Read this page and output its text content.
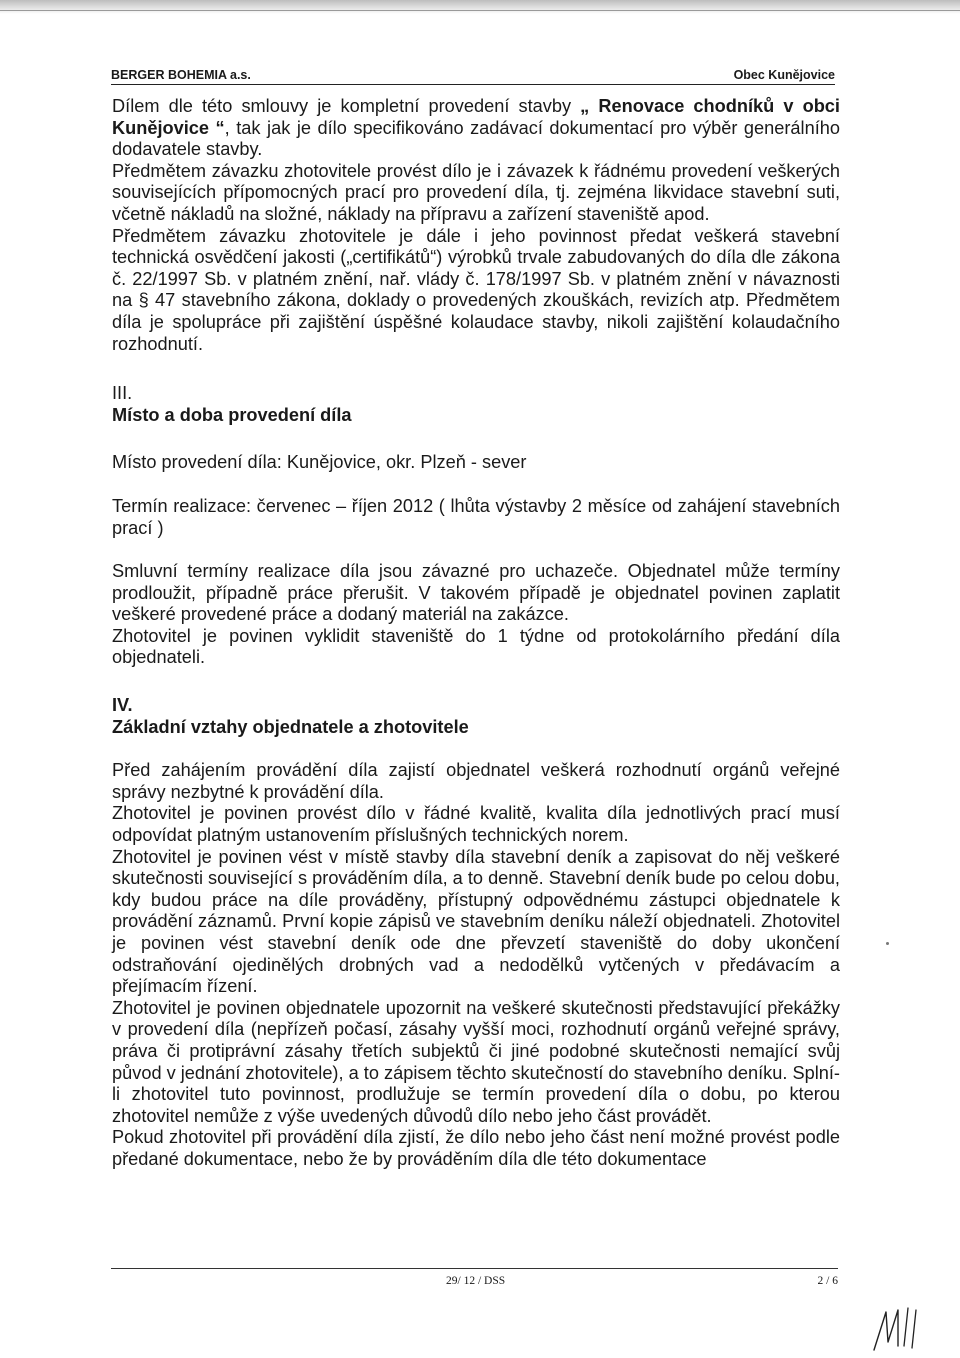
BERGER BOHEMIA a.s.	Obec Kunějovice

Dílem dle této smlouvy je kompletní provedení stavby „ Renovace chodníků v obci Kunějovice “, tak jak je dílo specifikováno zadávací dokumentací pro výběr generálního dodavatele stavby.

Předmětem závazku zhotovitele provést dílo je i závazek k řádnému provedení veškerých souvisejících přípomocných prací pro provedení díla, tj. zejména likvidace stavební suti, včetně nákladů na složné, náklady na přípravu a zařízení staveniště apod.

Předmětem závazku zhotovitele je dále i jeho povinnost předat veškerá stavební technická osvědčení jakosti („certifikátů“) výrobků trvale zabudovaných do díla dle zákona č. 22/1997 Sb. v platném znění, nař. vlády č. 178/1997 Sb. v platném znění v návaznosti na § 47 stavebního zákona, doklady o provedených zkouškách, revizích atp. Předmětem díla je spolupráce při zajištění úspěšné kolaudace stavby, nikoli zajištění kolaudačního rozhodnutí.

III.

Místo a doba provedení díla

Místo provedení díla: Kunějovice, okr. Plzeň - sever

Termín realizace: červenec – říjen 2012 ( lhůta výstavby 2 měsíce od zahájení stavebních prací )

Smluvní termíny realizace díla jsou závazné pro uchazeče. Objednatel může termíny prodloužit, případně práce přerušit. V takovém případě je objednatel povinen zaplatit veškeré provedené práce a dodaný materiál na zakázce.

Zhotovitel je povinen vyklidit staveniště do 1 týdne od protokolárního předání díla objednateli.

IV.

Základní vztahy objednatele a zhotovitele

Před zahájením provádění díla zajistí objednatel veškerá rozhodnutí orgánů veřejné správy nezbytné k provádění díla.

Zhotovitel je povinen provést dílo v řádné kvalitě, kvalita díla jednotlivých prací musí odpovídat platným ustanovením příslušných technických norem.

Zhotovitel je povinen vést v místě stavby díla stavební deník a zapisovat do něj veškeré skutečnosti související s prováděním díla, a to denně. Stavební deník bude po celou dobu, kdy budou práce na díle prováděny, přístupný odpovědnému zástupci objednatele k provádění záznamů. První kopie zápisů ve stavebním deníku náleží objednateli. Zhotovitel je povinen vést stavební deník ode dne převzetí staveniště do doby ukončení odstraňování ojedinělých drobných vad a nedodělků vytčených v předávacím a přejímacím řízení.

Zhotovitel je povinen objednatele upozornit na veškeré skutečnosti představující překážky v provedení díla (nepřízeň počasí, zásahy vyšší moci, rozhodnutí orgánů veřejné správy, práva či protiprávní zásahy třetích subjektů či jiné podobné skutečnosti nemající svůj původ v jednání zhotovitele), a to zápisem těchto skutečností do stavebního deníku. Splní-li zhotovitel tuto povinnost, prodlužuje se termín provedení díla o dobu, po kterou zhotovitel nemůže z výše uvedených důvodů dílo nebo jeho část provádět.

Pokud zhotovitel při provádění díla zjistí, že dílo nebo jeho část není možné provést podle předané dokumentace, nebo že by prováděním díla dle této dokumentace

29/ 12 / DSS	2 / 6
